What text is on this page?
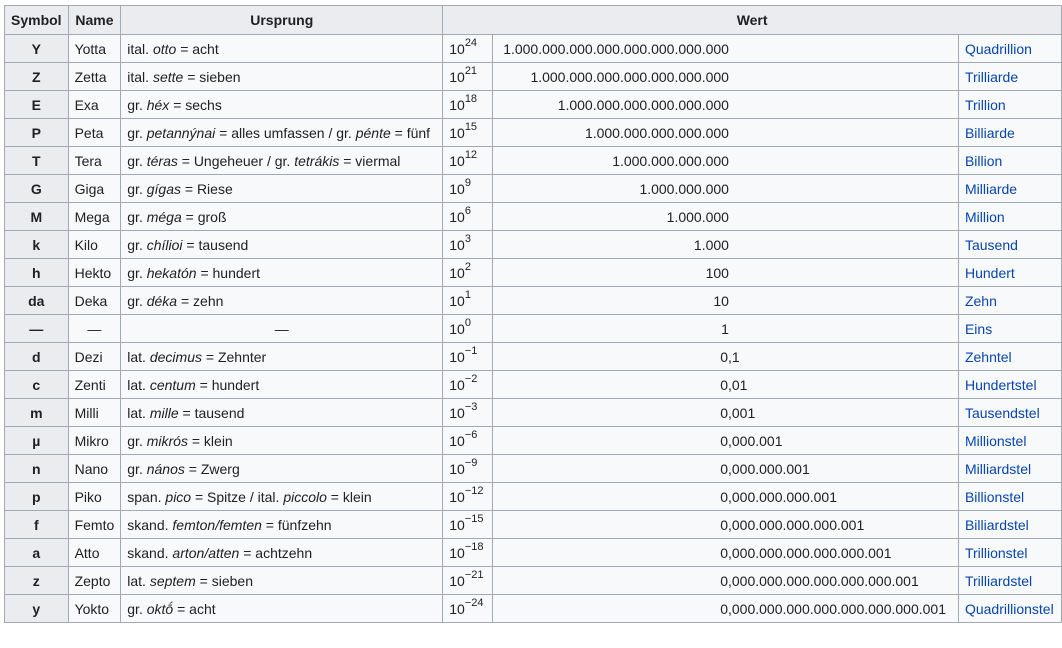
Symbol	Name	Ursprung	Wert		
Y	Yotta	ital. otto = acht	$10^{24}$	1.000.000.000.000.000.000.000.000	Quadrillion
Z	Zetta	ital. sette = sieben	$10^{21}$	1.000.000.000.000.000.000.000	Trilliarde
E	Exa	gr. héx = sechs	$10^{18}$	1.000.000.000.000.000.000	Trillion
P	Peta	gr. petannýnai = alles umfassen / gr. pénte = fünf	$10^{15}$	1.000.000.000.000.000	Billiarde
T	Tera	gr. téras = Ungeheuer / gr. tetrákis = viermal	$10^{12}$	1.000.000.000.000	Billion
G	Giga	gr. gígas = Riese	$10^9$	1.000.000.000	Milliarde
M	Mega	gr. méga = groß	$10^6$	1.000.000	Million
k	Kilo	gr. chílioi = tausend	$10^3$	1.000	Tausend
h	Hekto	gr. hekatón = hundert	$10^2$	100	Hundert
da	Deka	gr. déka = zehn	$10^1$	10	Zehn
—	—	—	$10^0$	1	Eins
d	Dezi	lat. decimus = Zehnter	$10^{-1}$	0,1	Zehntel
c	Zenti	lat. centum = hundert	$10^{-2}$	0,01	Hundertstel
m	Milli	lat. mille = tausend	$10^{-3}$	0,001	Tausendstel
µ	Mikro	gr. mikrós = klein	$10^{-6}$	0,000.001	Millionstel
n	Nano	gr. nános = Zwerg	$10^{-9}$	0,000.000.001	Milliardstel
p	Piko	span. pico = Spitze / ital. piccolo = klein	$10^{-12}$	0,000.000.000.001	Billionstel
f	Femto	skand. femton/femten = fünfzehn	$10^{-15}$	0,000.000.000.000.001	Billiardstel
a	Atto	skand. arton/atten = achtzehn	$10^{-18}$	0,000.000.000.000.000.001	Trillionstel
z	Zepto	lat. septem = sieben	$10^{-21}$	0,000.000.000.000.000.000.001	Trilliardstel
y	Yokto	gr. oktṓ = acht	$10^{-24}$	0,000.000.000.000.000.000.000.001	Quadrillionstel
